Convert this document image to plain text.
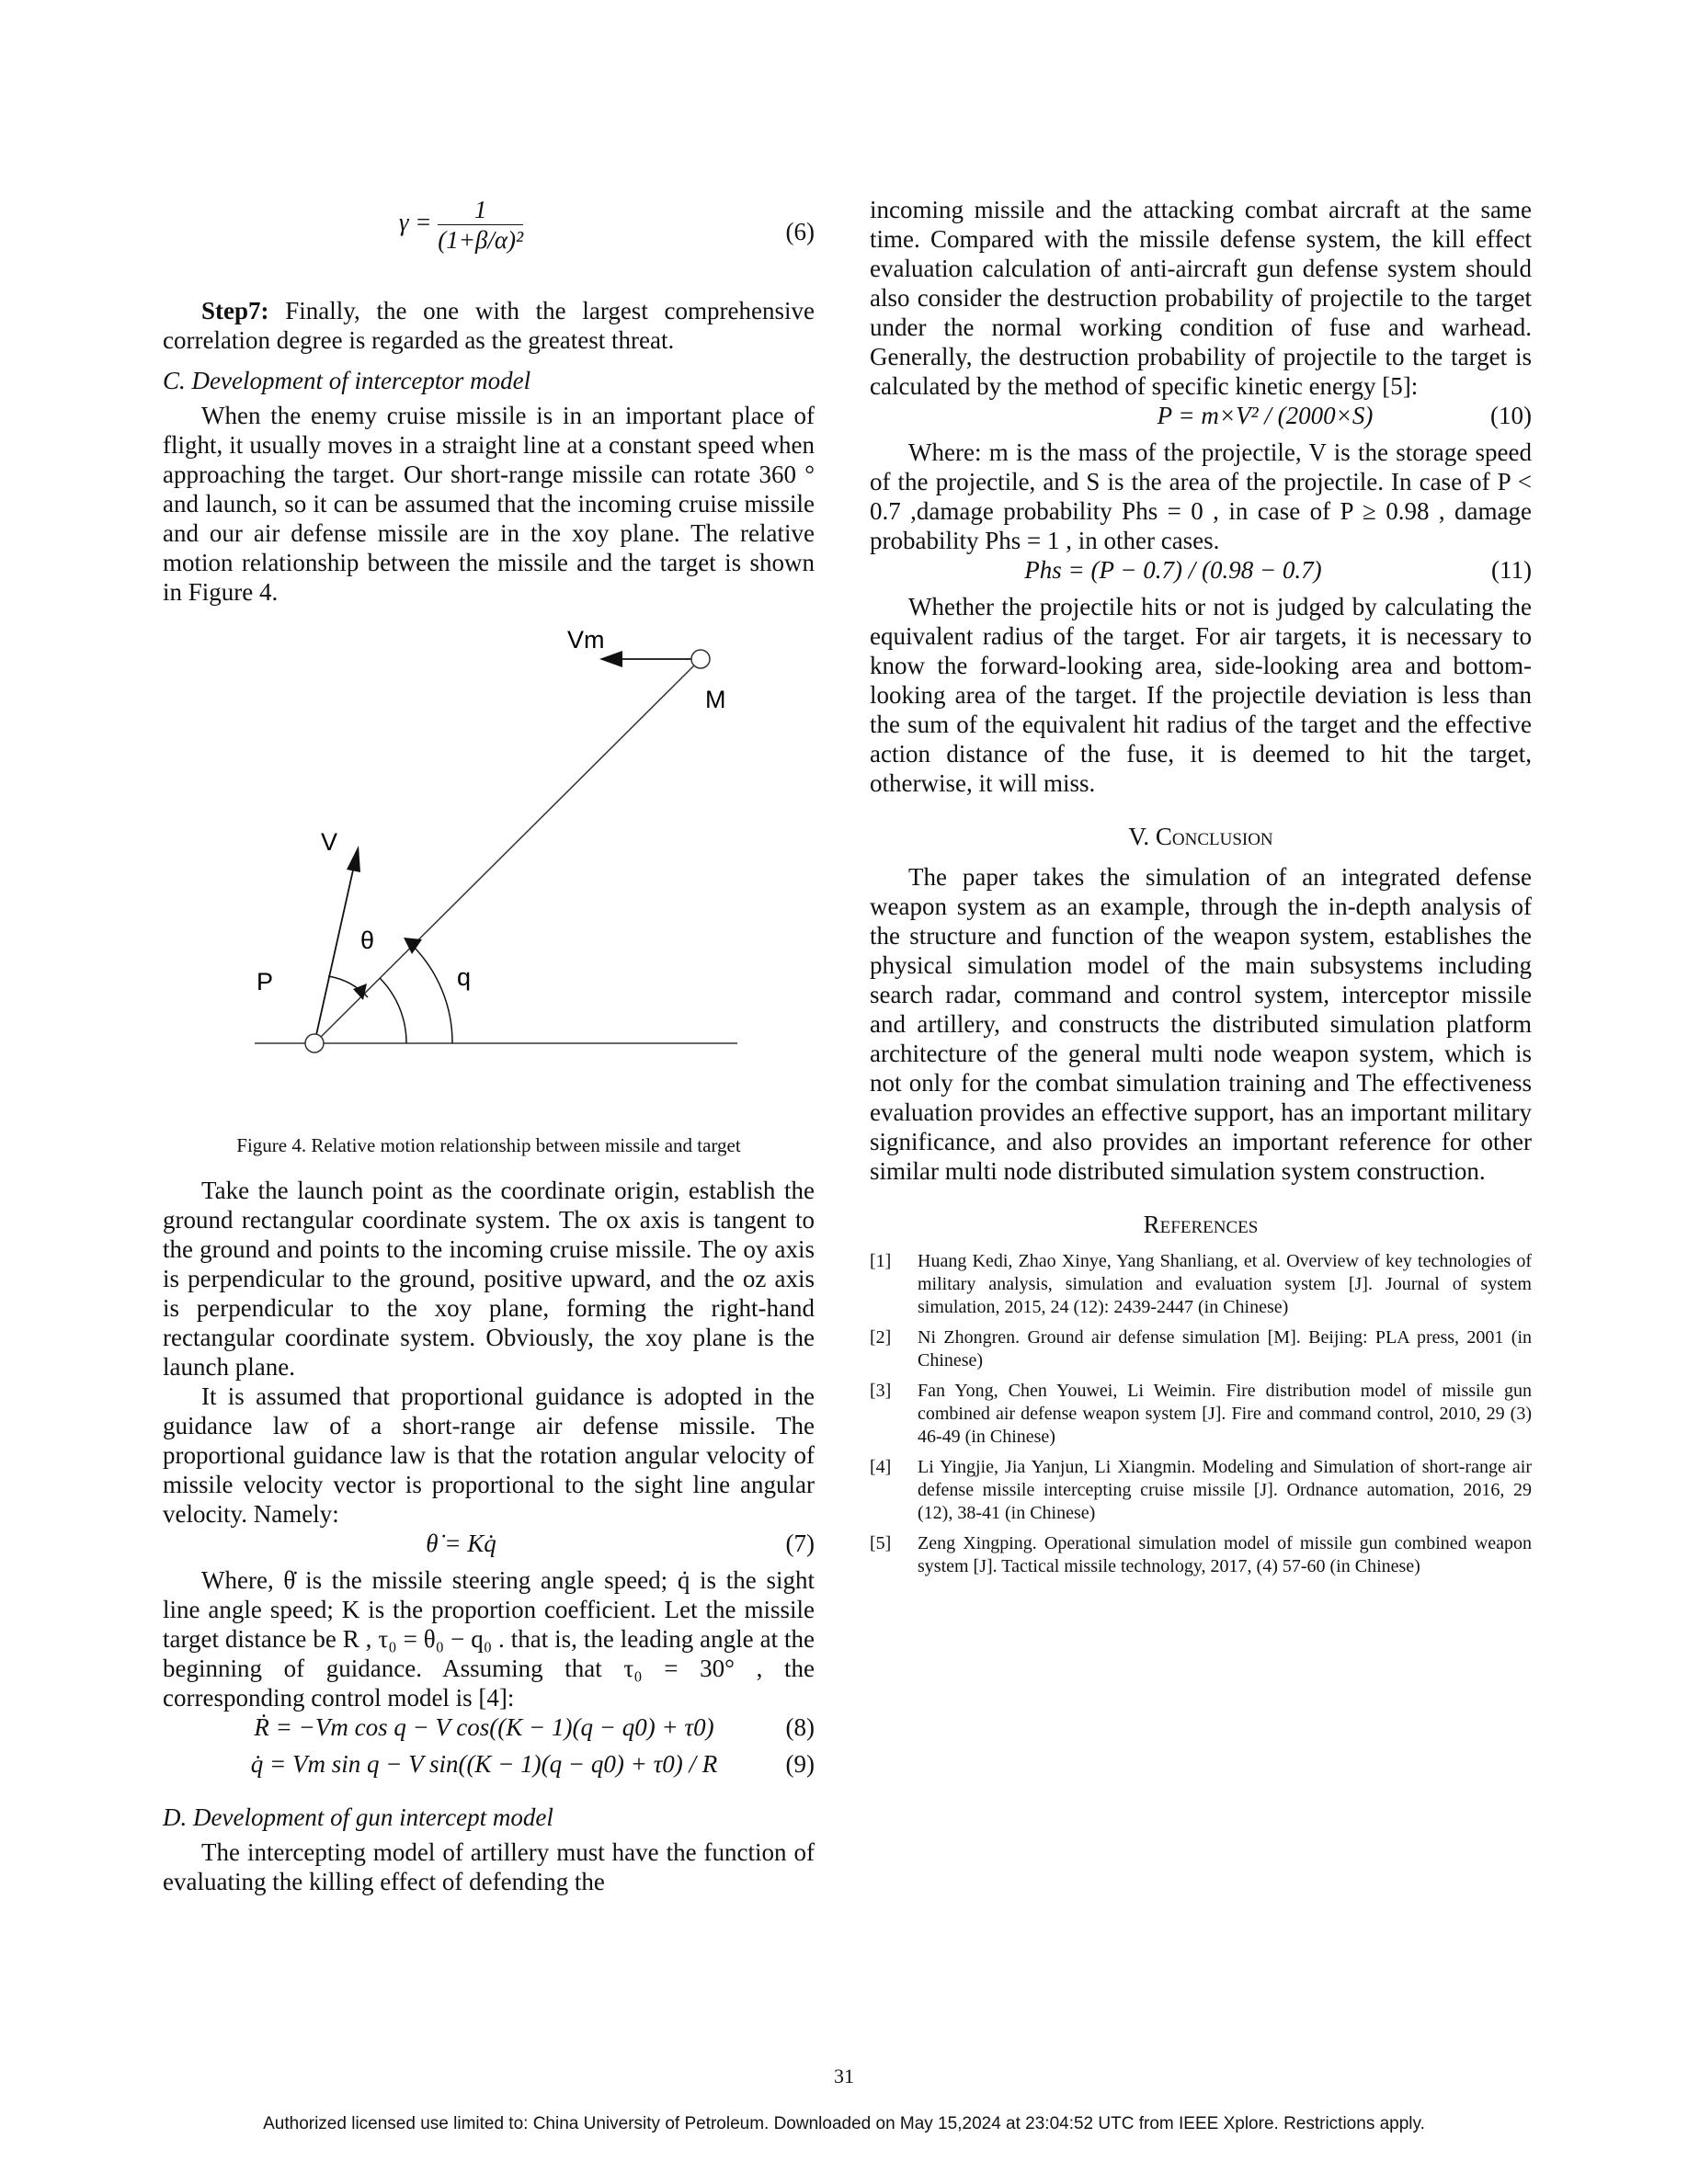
$\gamma = \frac{1}{\text{(1+β/α)²}}$	(6)

Step7: Finally, the one with the largest comprehensive correlation degree is regarded as the greatest threat.

C. Development of interceptor model

When the enemy cruise missile is in an important place of flight, it usually moves in a straight line at a constant speed when approaching the target. Our short-range missile can rotate 360 ° and launch, so it can be assumed that the incoming cruise missile and our air defense missile are in the xoy plane. The relative motion relationship between the missile and the target is shown in Figure 4.

Vm
M
V
θ
q
P
Figure 4. Relative motion relationship between missile and target

Take the launch point as the coordinate origin, establish the ground rectangular coordinate system. The ox axis is tangent to the ground and points to the incoming cruise missile. The oy axis is perpendicular to the ground, positive upward, and the oz axis is perpendicular to the xoy plane, forming the right-hand rectangular coordinate system. Obviously, the xoy plane is the launch plane.

It is assumed that proportional guidance is adopted in the guidance law of a short-range air defense missile. The proportional guidance law is that the rotation angular velocity of missile velocity vector is proportional to the sight line angular velocity. Namely:

θ̇ = Kq̇	(7)

Where, θ̇ is the missile steering angle speed; q̇ is the sight line angle speed; K is the proportion coefficient. Let the missile target distance be R , τ₀ = θ₀ − q₀ . that is, the leading angle at the beginning of guidance. Assuming that τ₀ = 30° , the corresponding control model is [4]:

Ṙ = −Vm cos q − V cos((K − 1)(q − q0) + τ0)	(8)
q̇ = Vm sin q − V sin((K − 1)(q − q0) + τ0) / R	(9)
D. Development of gun intercept model

The intercepting model of artillery must have the function of evaluating the killing effect of defending the

incoming missile and the attacking combat aircraft at the same time. Compared with the missile defense system, the kill effect evaluation calculation of anti-aircraft gun defense system should also consider the destruction probability of projectile to the target under the normal working condition of fuse and warhead. Generally, the destruction probability of projectile to the target is calculated by the method of specific kinetic energy [5]:

P = m×V² / (2000×S)	(10)

Where: m is the mass of the projectile, V is the storage speed of the projectile, and S is the area of the projectile. In case of P < 0.7 ,damage probability Phs = 0 , in case of P ≥ 0.98 , damage probability Phs = 1 , in other cases.

Phs = (P − 0.7) / (0.98 − 0.7)	(11)

Whether the projectile hits or not is judged by calculating the equivalent radius of the target. For air targets, it is necessary to know the forward-looking area, side-looking area and bottom-looking area of the target. If the projectile deviation is less than the sum of the equivalent hit radius of the target and the effective action distance of the fuse, it is deemed to hit the target, otherwise, it will miss.

V. Conclusion

The paper takes the simulation of an integrated defense weapon system as an example, through the in-depth analysis of the structure and function of the weapon system, establishes the physical simulation model of the main subsystems including search radar, command and control system, interceptor missile and artillery, and constructs the distributed simulation platform architecture of the general multi node weapon system, which is not only for the combat simulation training and The effectiveness evaluation provides an effective support, has an important military significance, and also provides an important reference for other similar multi node distributed simulation system construction.

References
[1]	Huang Kedi, Zhao Xinye, Yang Shanliang, et al. Overview of key technologies of military analysis, simulation and evaluation system [J]. Journal of system simulation, 2015, 24 (12): 2439-2447 (in Chinese)
[2]	Ni Zhongren. Ground air defense simulation [M]. Beijing: PLA press, 2001 (in Chinese)
[3]	Fan Yong, Chen Youwei, Li Weimin. Fire distribution model of missile gun combined air defense weapon system [J]. Fire and command control, 2010, 29 (3) 46-49 (in Chinese)
[4]	Li Yingjie, Jia Yanjun, Li Xiangmin. Modeling and Simulation of short-range air defense missile intercepting cruise missile [J]. Ordnance automation, 2016, 29 (12), 38-41 (in Chinese)
[5]	Zeng Xingping. Operational simulation model of missile gun combined weapon system [J]. Tactical missile technology, 2017, (4) 57-60 (in Chinese)
31
Authorized licensed use limited to: China University of Petroleum. Downloaded on May 15,2024 at 23:04:52 UTC from IEEE Xplore. Restrictions apply.
